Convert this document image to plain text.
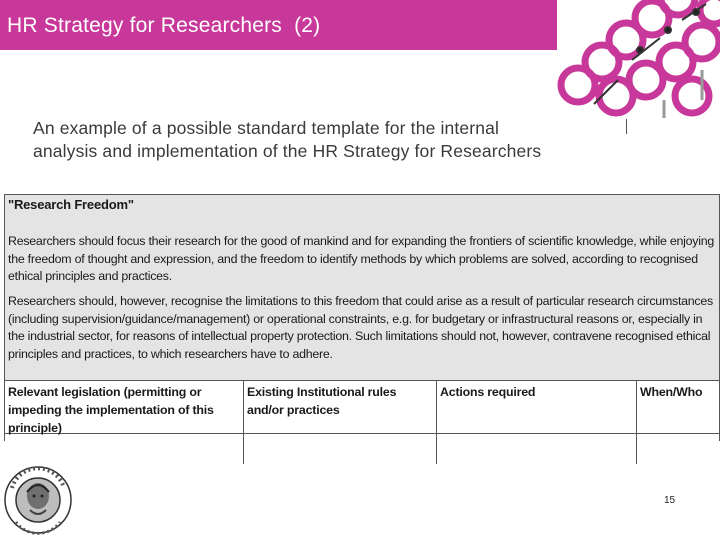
HR Strategy for Researchers  (2)
An example of a possible standard template for the internal
analysis and implementation of the HR Strategy for Researchers
"Research Freedom"
Researchers should focus their research for the good of mankind and for expanding the frontiers of scientific knowledge, while enjoying the freedom of thought and expression, and the freedom to identify methods by which problems are solved, according to recognised ethical principles and practices.
Researchers should, however, recognise the limitations to this freedom that could arise as a result of particular research circumstances (including supervision/guidance/management) or operational constraints, e.g. for budgetary or infrastructural reasons or, especially in the industrial sector, for reasons of intellectual property protection. Such limitations should not, however, contravene recognised ethical principles and practices, to which researchers have to adhere.
Relevant legislation (permitting or impeding the implementation of this principle)
Existing Institutional rules and/or practices
Actions required	When/Who
15
